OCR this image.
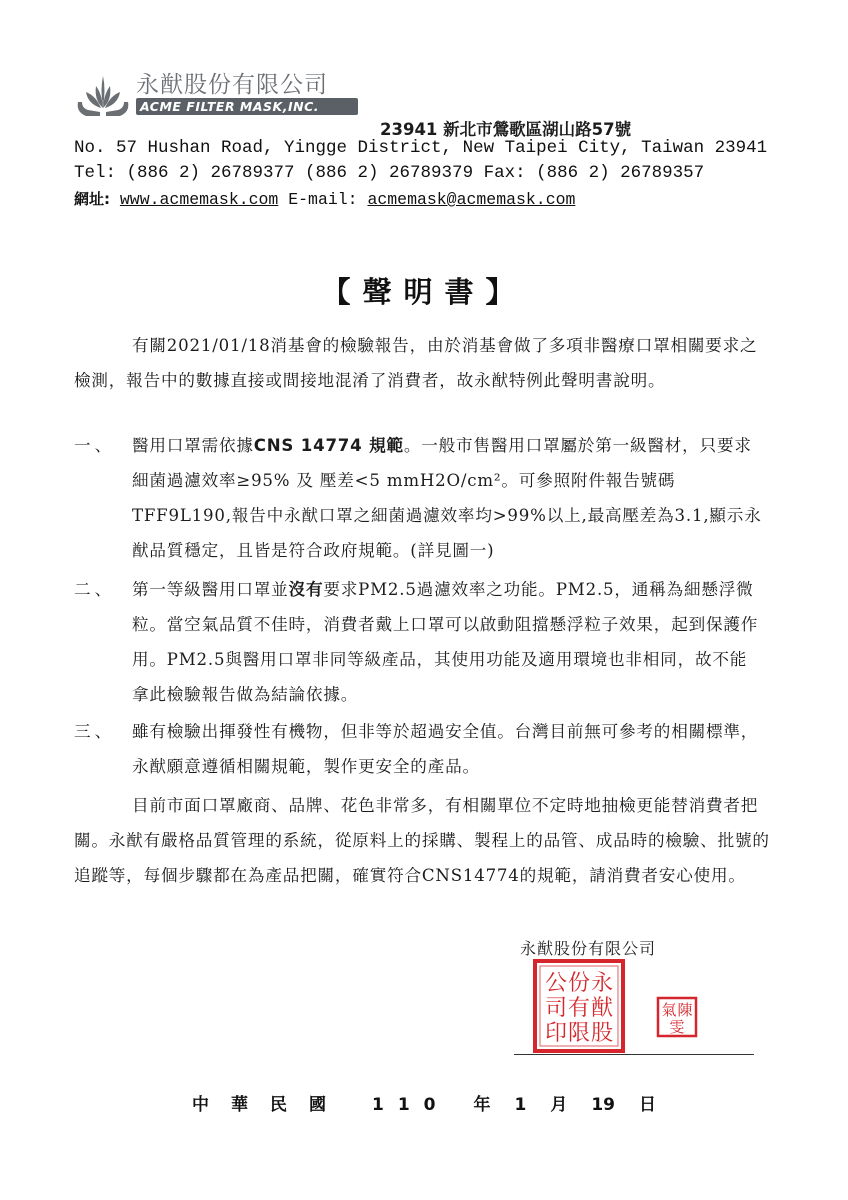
永猷股份有限公司
ACME FILTER MASK,INC.
23941 新北市鶯歌區湖山路57號
No. 57 Hushan Road, Yingge District, New Taipei City, Taiwan 23941
Tel: (886 2) 26789377 (886 2) 26789379 Fax: (886 2) 26789357
網址: www.acmemask.com E-mail: acmemask@acmemask.com
【聲明書】
有關2021/01/18消基會的檢驗報告，由於消基會做了多項非醫療口罩相關要求之檢測，報告中的數據直接或間接地混淆了消費者，故永猷特例此聲明書說明。
一、 醫用口罩需依據CNS 14774 規範。一般市售醫用口罩屬於第一級醫材，只要求細菌過濾效率≥95% 及 壓差<5 mmH2O/cm²。可參照附件報告號碼TFF9L190,報告中永猷口罩之細菌過濾效率均>99%以上,最高壓差為3.1,顯示永猷品質穩定，且皆是符合政府規範。(詳見圖一)
二、 第一等級醫用口罩並沒有要求PM2.5過濾效率之功能。PM2.5，通稱為細懸浮微粒。當空氣品質不佳時，消費者戴上口罩可以啟動阻擋懸浮粒子效果，起到保護作用。PM2.5與醫用口罩非同等級產品，其使用功能及適用環境也非相同，故不能拿此檢驗報告做為結論依據。
三、 雖有檢驗出揮發性有機物，但非等於超過安全值。台灣目前無可參考的相關標準，永猷願意遵循相關規範，製作更安全的產品。
目前市面口罩廠商、品牌、花色非常多，有相關單位不定時地抽檢更能替消費者把關。永猷有嚴格品質管理的系統，從原料上的採購、製程上的品管、成品時的檢驗、批號的追蹤等，每個步驟都在為產品把關，確實符合CNS14774的規範，請消費者安心使用。
永猷股份有限公司
永
猷
股
份
有
限
公
司
印
陳
氣
雯
中華民國 110 年 1 月 19 日
